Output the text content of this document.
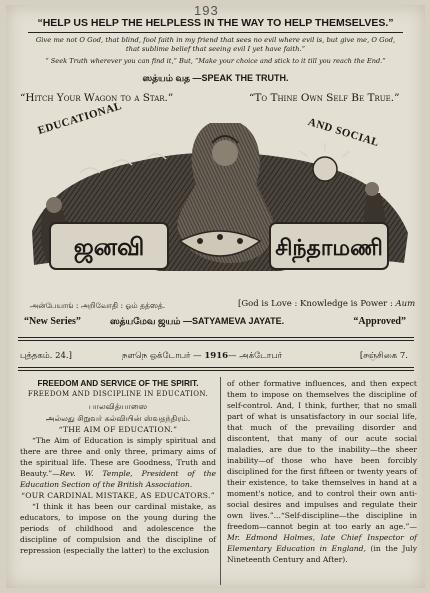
193
“HELP US HELP THE HELPLESS IN THE WAY TO HELP THEMSELVES.”
Give me not O God, that blind, fool faith in my friend that sees no evil where evil is, but give me, O God,
that sublime belief that seeing evil I yet have faith.”
“ Seek Truth wherever you can find it,” But, “Make your choice and stick to it till you reach the End.”
ஸத்யம் வத —SPEAK THE TRUTH.
“Hitch Your Wagon to a Star.”	“To Thine Own Self Be True.”
ஜனவி	சிந்தாமணி
EDUCATIONAL	AND SOCIAL
அன்பேயாங் : அறிவோதி : ஓம் தத்ஸத்.	[God is Love : Knowledge is Power : Aum
“New Series”	ஸத்யமேவ ஜயம் —SATYAMEVA JAYATE.	“Approved”
புத்தகம். 24.]	நளநெ ஒக்டோபர் — 1916— அக்டோபர்	[சஞ்சிகை 7.
FREEDOM AND SERVICE OF THE SPIRIT.
FREEDOM AND DISCIPLINE IN EDUCATION.
பாலவித்யாஸை
அல்லது சிறுவர் கல்வியின் ஸ்வதந்திரம்.
“THE AIM OF EDUCATION.”

“The Aim of Education is simply spiritual and there are three and only three, primary aims of the spiritual life. These are Goodness, Truth and Beauty.”—Rev. W. Temple, President of the Education Section of the British Association.

“OUR CARDINAL MISTAKE, AS EDUCATORS.”

“I think it has been our cardinal mistake, as educators, to impose on the young during the periods of childhood and adolescence the discipline of compulsion and the discipline of repression (especially the latter) to the exclusion

of other formative influences, and then expect them to impose on themselves the discipline of self-control. And, I think, further, that no small part of what is unsatisfactory in our social life, that much of the prevailing disorder and discontent, that many of our acute social maladies, are due to the inability—the sheer inability—of those who have been forcibly disciplined for the first fifteen or twenty years of their existence, to take themselves in hand at a moment's notice, and to control their own anti-social desires and impulses and regulate their own lives.”...“Self-discipline—the discipline in freedom—cannot begin at too early an age.”—Mr. Edmond Holmes, late Chief Inspector of Elementary Education in England, (in the July Nineteenth Century and After).
